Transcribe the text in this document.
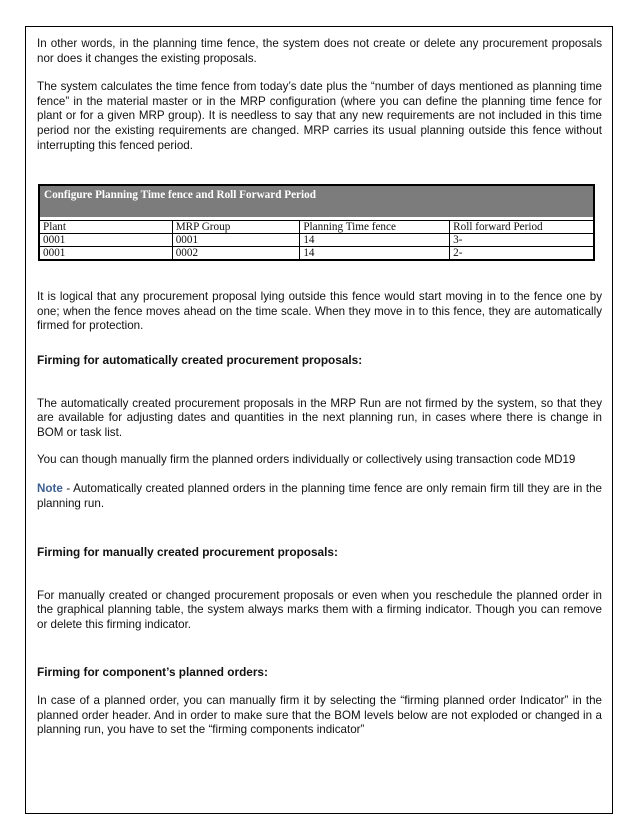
In other words, in the planning time fence, the system does not create or delete any procurement proposals nor does it changes the existing proposals.

The system calculates the time fence from today’s date plus the “number of days mentioned as planning time fence” in the material master or in the MRP configuration (where you can define the planning time fence for plant or for a given MRP group). It is needless to say that any new requirements are not included in this time period nor the existing requirements are changed. MRP carries its usual planning outside this fence without interrupting this fenced period.

Configure Planning Time fence and Roll Forward Period			

Plant	MRP Group	Planning Time fence	Roll forward Period
0001	0001	14	3-
0001	0002	14	2-

It is logical that any procurement proposal lying outside this fence would start moving in to the fence one by one; when the fence moves ahead on the time scale. When they move in to this fence, they are automatically firmed for protection.

Firming for automatically created procurement proposals:

The automatically created procurement proposals in the MRP Run are not firmed by the system, so that they are available for adjusting dates and quantities in the next planning run, in cases where there is change in BOM or task list.

You can though manually firm the planned orders individually or collectively using transaction code MD19

Note - Automatically created planned orders in the planning time fence are only remain firm till they are in the planning run.

Firming for manually created procurement proposals:

For manually created or changed procurement proposals or even when you reschedule the planned order in the graphical planning table, the system always marks them with a firming indicator. Though you can remove or delete this firming indicator.

Firming for component’s planned orders:

In case of a planned order, you can manually firm it by selecting the “firming planned order Indicator” in the planned order header. And in order to make sure that the BOM levels below are not exploded or changed in a planning run, you have to set the “firming components indicator”
